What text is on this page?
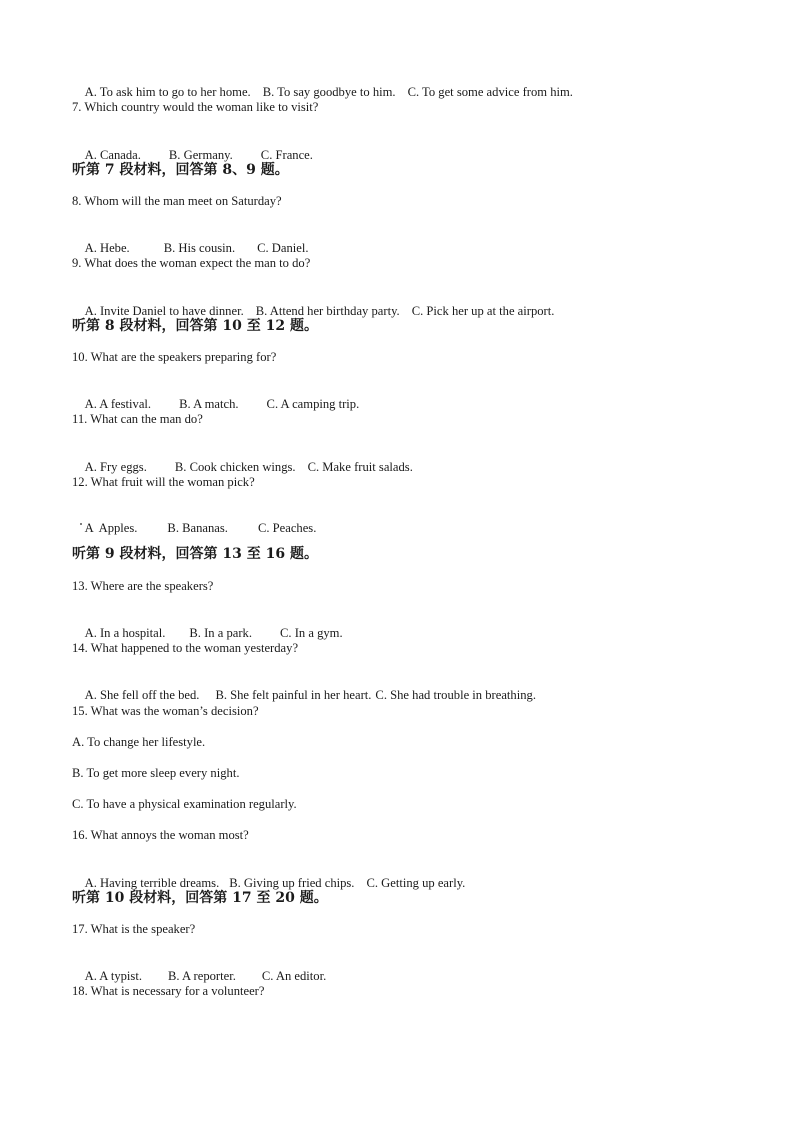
A. To ask him to go to her home. B. To say goodbye to him. C. To get some advice from him.

7. Which country would the woman like to visit?

A. Canada. B. Germany. C. France.

听第 7 段材料，回答第 8、9 题。
8. Whom will the man meet on Saturday?

A. Hebe.	B. His cousin. C. Daniel.

9. What does the woman expect the man to do?

A. Invite Daniel to have dinner. B. Attend her birthday party. C. Pick her up at the airport.

听第 8 段材料，回答第 10 至 12 题。
10. What are the speakers preparing for?

A. A festival. B. A match. C. A camping trip.

11. What can the man do?

A. Fry eggs. B. Cook chicken wings. C. Make fruit salads.

12. What fruit will the woman pick?

A  Apples. B. Bananas. C. Peaches.

听第 9 段材料，回答第 13 至 16 题。
13. Where are the speakers?

A. In a hospital. B. In a park. C. In a gym.

14. What happened to the woman yesterday?

A. She fell off the bed. B. She felt painful in her heart. C. She had trouble in breathing.

15. What was the woman’s decision?
A. To change her lifestyle.
B. To get more sleep every night.
C. To have a physical examination regularly.
16. What annoys the woman most?

A. Having terrible dreams. B. Giving up fried chips. C. Getting up early.

听第 10 段材料，回答第 17 至 20 题。
17. What is the speaker?

A. A typist. B. A reporter. C. An editor.

18. What is necessary for a volunteer?
